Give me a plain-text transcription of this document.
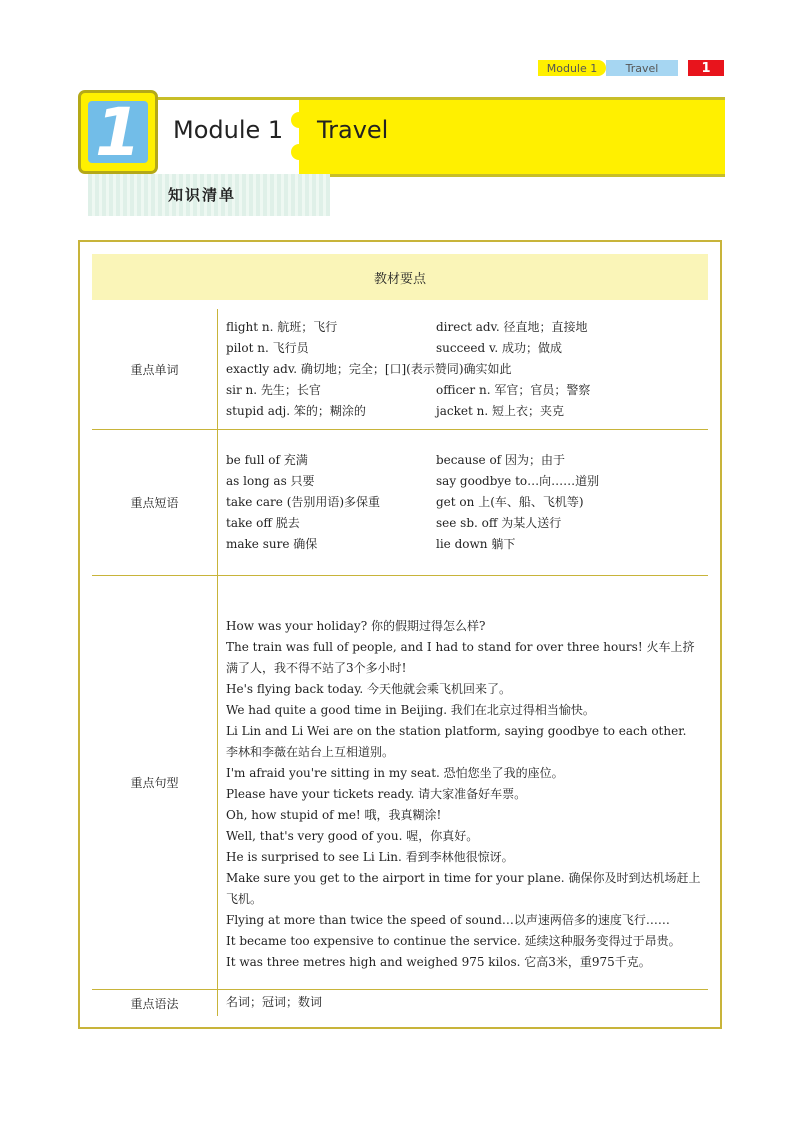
Module 1	Travel	1
Module 1 Travel
1
知识清单
教材要点
重点单词
flight n. 航班；飞行	direct adv. 径直地；直接地
pilot n. 飞行员	succeed v. 成功；做成
exactly adv. 确切地；完全；[口](表示赞同)确实如此
sir n. 先生；长官	officer n. 军官；官员；警察
stupid adj. 笨的；糊涂的	jacket n. 短上衣；夹克
重点短语
be full of 充满	because of 因为；由于
as long as 只要	say goodbye to…向……道别
take care (告别用语)多保重	get on 上(车、船、飞机等)
take off 脱去	see sb. off 为某人送行
make sure 确保	lie down 躺下
重点句型
How was your holiday? 你的假期过得怎么样?
The train was full of people, and I had to stand for over three hours! 火车上挤满了人，我不得不站了3个多小时!
He's flying back today. 今天他就会乘飞机回来了。
We had quite a good time in Beijing. 我们在北京过得相当愉快。
Li Lin and Li Wei are on the station platform, saying goodbye to each other. 李林和李薇在站台上互相道别。
I'm afraid you're sitting in my seat. 恐怕您坐了我的座位。
Please have your tickets ready. 请大家准备好车票。
Oh, how stupid of me! 哦，我真糊涂!
Well, that's very good of you. 喔，你真好。
He is surprised to see Li Lin. 看到李林他很惊讶。
Make sure you get to the airport in time for your plane. 确保你及时到达机场赶上飞机。
Flying at more than twice the speed of sound…以声速两倍多的速度飞行……
It became too expensive to continue the service. 延续这种服务变得过于昂贵。
It was three metres high and weighed 975 kilos. 它高3米，重975千克。
重点语法	名词；冠词；数词
